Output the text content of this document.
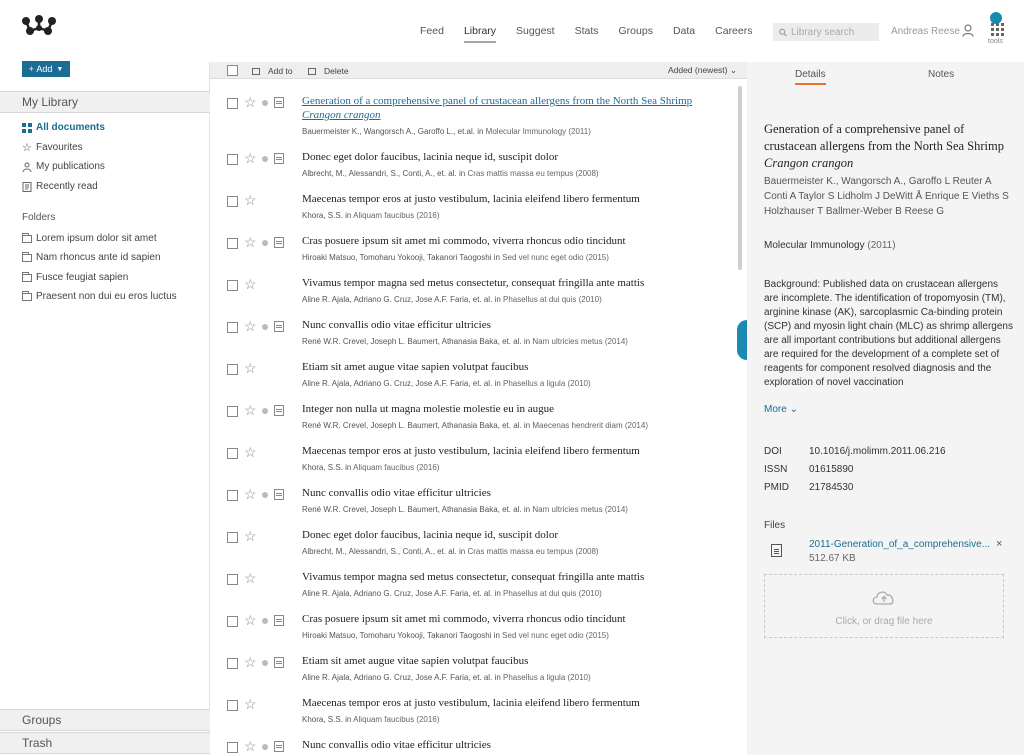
Feed Library Suggest Stats Groups Data Careers
Library search	Andreas Reese
tools
+ Add ▼
My Library
All documents
☆ Favourites
My publications
Recently read
Folders
Lorem ipsum dolor sit amet
Nam rhoncus ante id sapien
Fusce feugiat sapien
Praesent non dui eu eros luctus
Groups
Trash
Add to	Delete	Added (newest) ⌄
☆	Generation of a comprehensive panel of crustacean allergens from the North Sea Shrimp Crangon crangon
Bauermeister K., Wangorsch A., Garoffo L., et.al. in Molecular Immunology (2011)
☆	Donec eget dolor faucibus, lacinia neque id, suscipit dolor
Albrecht, M., Alessandri, S., Conti, A., et. al. in Cras mattis massa eu tempus (2008)
☆	Maecenas tempor eros at justo vestibulum, lacinia eleifend libero fermentum
Khora, S.S. in Aliquam faucibus (2016)
☆	Cras posuere ipsum sit amet mi commodo, viverra rhoncus odio tincidunt
Hiroaki Matsuo, Tomoharu Yokooji, Takanori Taogoshi in Sed vel nunc eget odio (2015)
☆	Vivamus tempor magna sed metus consectetur, consequat fringilla ante mattis
Aline R. Ajala, Adriano G. Cruz, Jose A.F. Faria, et. al. in Phasellus at dui quis (2010)
☆	Nunc convallis odio vitae efficitur ultricies
René W.R. Crevel, Joseph L. Baumert, Athanasia Baka, et. al. in Nam ultricies metus (2014)
☆	Etiam sit amet augue vitae sapien volutpat faucibus
Aline R. Ajala, Adriano G. Cruz, Jose A.F. Faria, et. al. in Phasellus a ligula (2010)
☆	Integer non nulla ut magna molestie molestie eu in augue
René W.R. Crevel, Joseph L. Baumert, Athanasia Baka, et. al. in Maecenas hendrerit diam (2014)
☆	Maecenas tempor eros at justo vestibulum, lacinia eleifend libero fermentum
Khora, S.S. in Aliquam faucibus (2016)
☆	Nunc convallis odio vitae efficitur ultricies
René W.R. Crevel, Joseph L. Baumert, Athanasia Baka, et. al. in Nam ultricies metus (2014)
☆	Donec eget dolor faucibus, lacinia neque id, suscipit dolor
Albrecht, M., Alessandri, S., Conti, A., et. al. in Cras mattis massa eu tempus (2008)
☆	Vivamus tempor magna sed metus consectetur, consequat fringilla ante mattis
Aline R. Ajala, Adriano G. Cruz, Jose A.F. Faria, et. al. in Phasellus at dui quis (2010)
☆	Cras posuere ipsum sit amet mi commodo, viverra rhoncus odio tincidunt
Hiroaki Matsuo, Tomoharu Yokooji, Takanori Taogoshi in Sed vel nunc eget odio (2015)
☆	Etiam sit amet augue vitae sapien volutpat faucibus
Aline R. Ajala, Adriano G. Cruz, Jose A.F. Faria, et. al. in Phasellus a ligula (2010)
☆	Maecenas tempor eros at justo vestibulum, lacinia eleifend libero fermentum
Khora, S.S. in Aliquam faucibus (2016)
☆	Nunc convallis odio vitae efficitur ultricies
Details	Notes
Generation of a comprehensive panel of crustacean allergens from the North Sea Shrimp Crangon crangon
Bauermeister K., Wangorsch A., Garoffo L Reuter A Conti A Taylor S Lidholm J DeWitt Å Enrique E Vieths S Holzhauser T Ballmer-Weber B Reese G
Molecular Immunology (2011)
Background: Published data on crustacean allergens are incomplete. The identification of tropomyosin (TM), arginine kinase (AK), sarcoplasmic Ca-binding protein (SCP) and myosin light chain (MLC) as shrimp allergens are all important contributions but additional allergens are required for the development of a complete set of reagents for component resolved diagnosis and the exploration of novel vaccination
More ⌄
DOI	10.1016/j.molimm.2011.06.216
ISSN 01615890
PMID 21784530
Files
2011-Generation_of_a_comprehensive...
512.67 KB
×
Click, or drag file here
